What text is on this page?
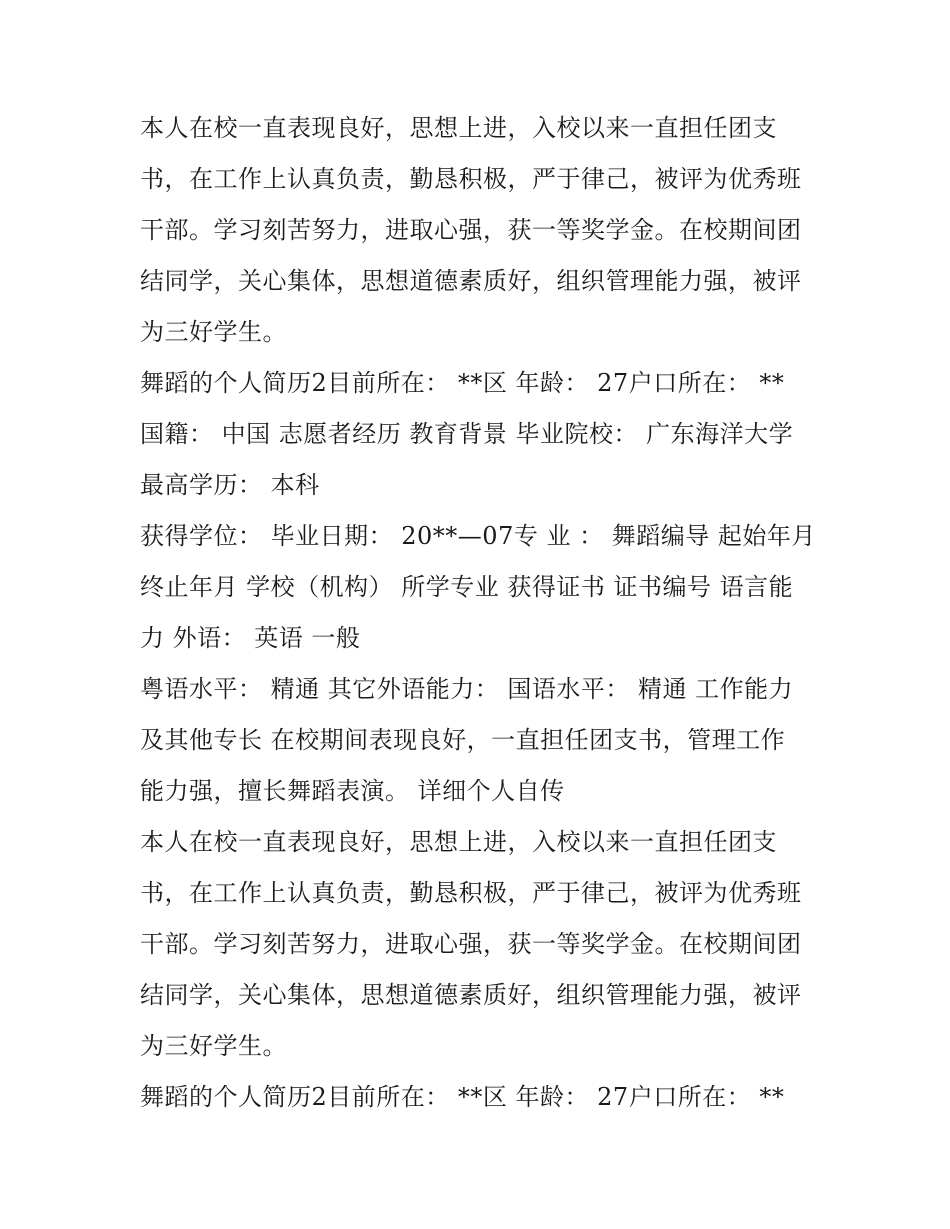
本人在校一直表现良好，思想上进，入校以来一直担任团支
书，在工作上认真负责，勤恳积极，严于律己，被评为优秀班
干部。学习刻苦努力，进取心强，获一等奖学金。在校期间团
结同学，关心集体，思想道德素质好，组织管理能力强，被评
为三好学生。
舞蹈的个人简历2目前所在： **区 年龄： 27户口所在： **
国籍： 中国 志愿者经历 教育背景 毕业院校： 广东海洋大学
最高学历： 本科
获得学位： 毕业日期： 20**—07专 业 ： 舞蹈编导 起始年月
终止年月 学校（机构） 所学专业 获得证书 证书编号 语言能
力 外语： 英语 一般
粤语水平： 精通 其它外语能力： 国语水平： 精通 工作能力
及其他专长 在校期间表现良好，一直担任团支书，管理工作
能力强，擅长舞蹈表演。 详细个人自传
本人在校一直表现良好，思想上进，入校以来一直担任团支
书，在工作上认真负责，勤恳积极，严于律己，被评为优秀班
干部。学习刻苦努力，进取心强，获一等奖学金。在校期间团
结同学，关心集体，思想道德素质好，组织管理能力强，被评
为三好学生。
舞蹈的个人简历2目前所在： **区 年龄： 27户口所在： **
